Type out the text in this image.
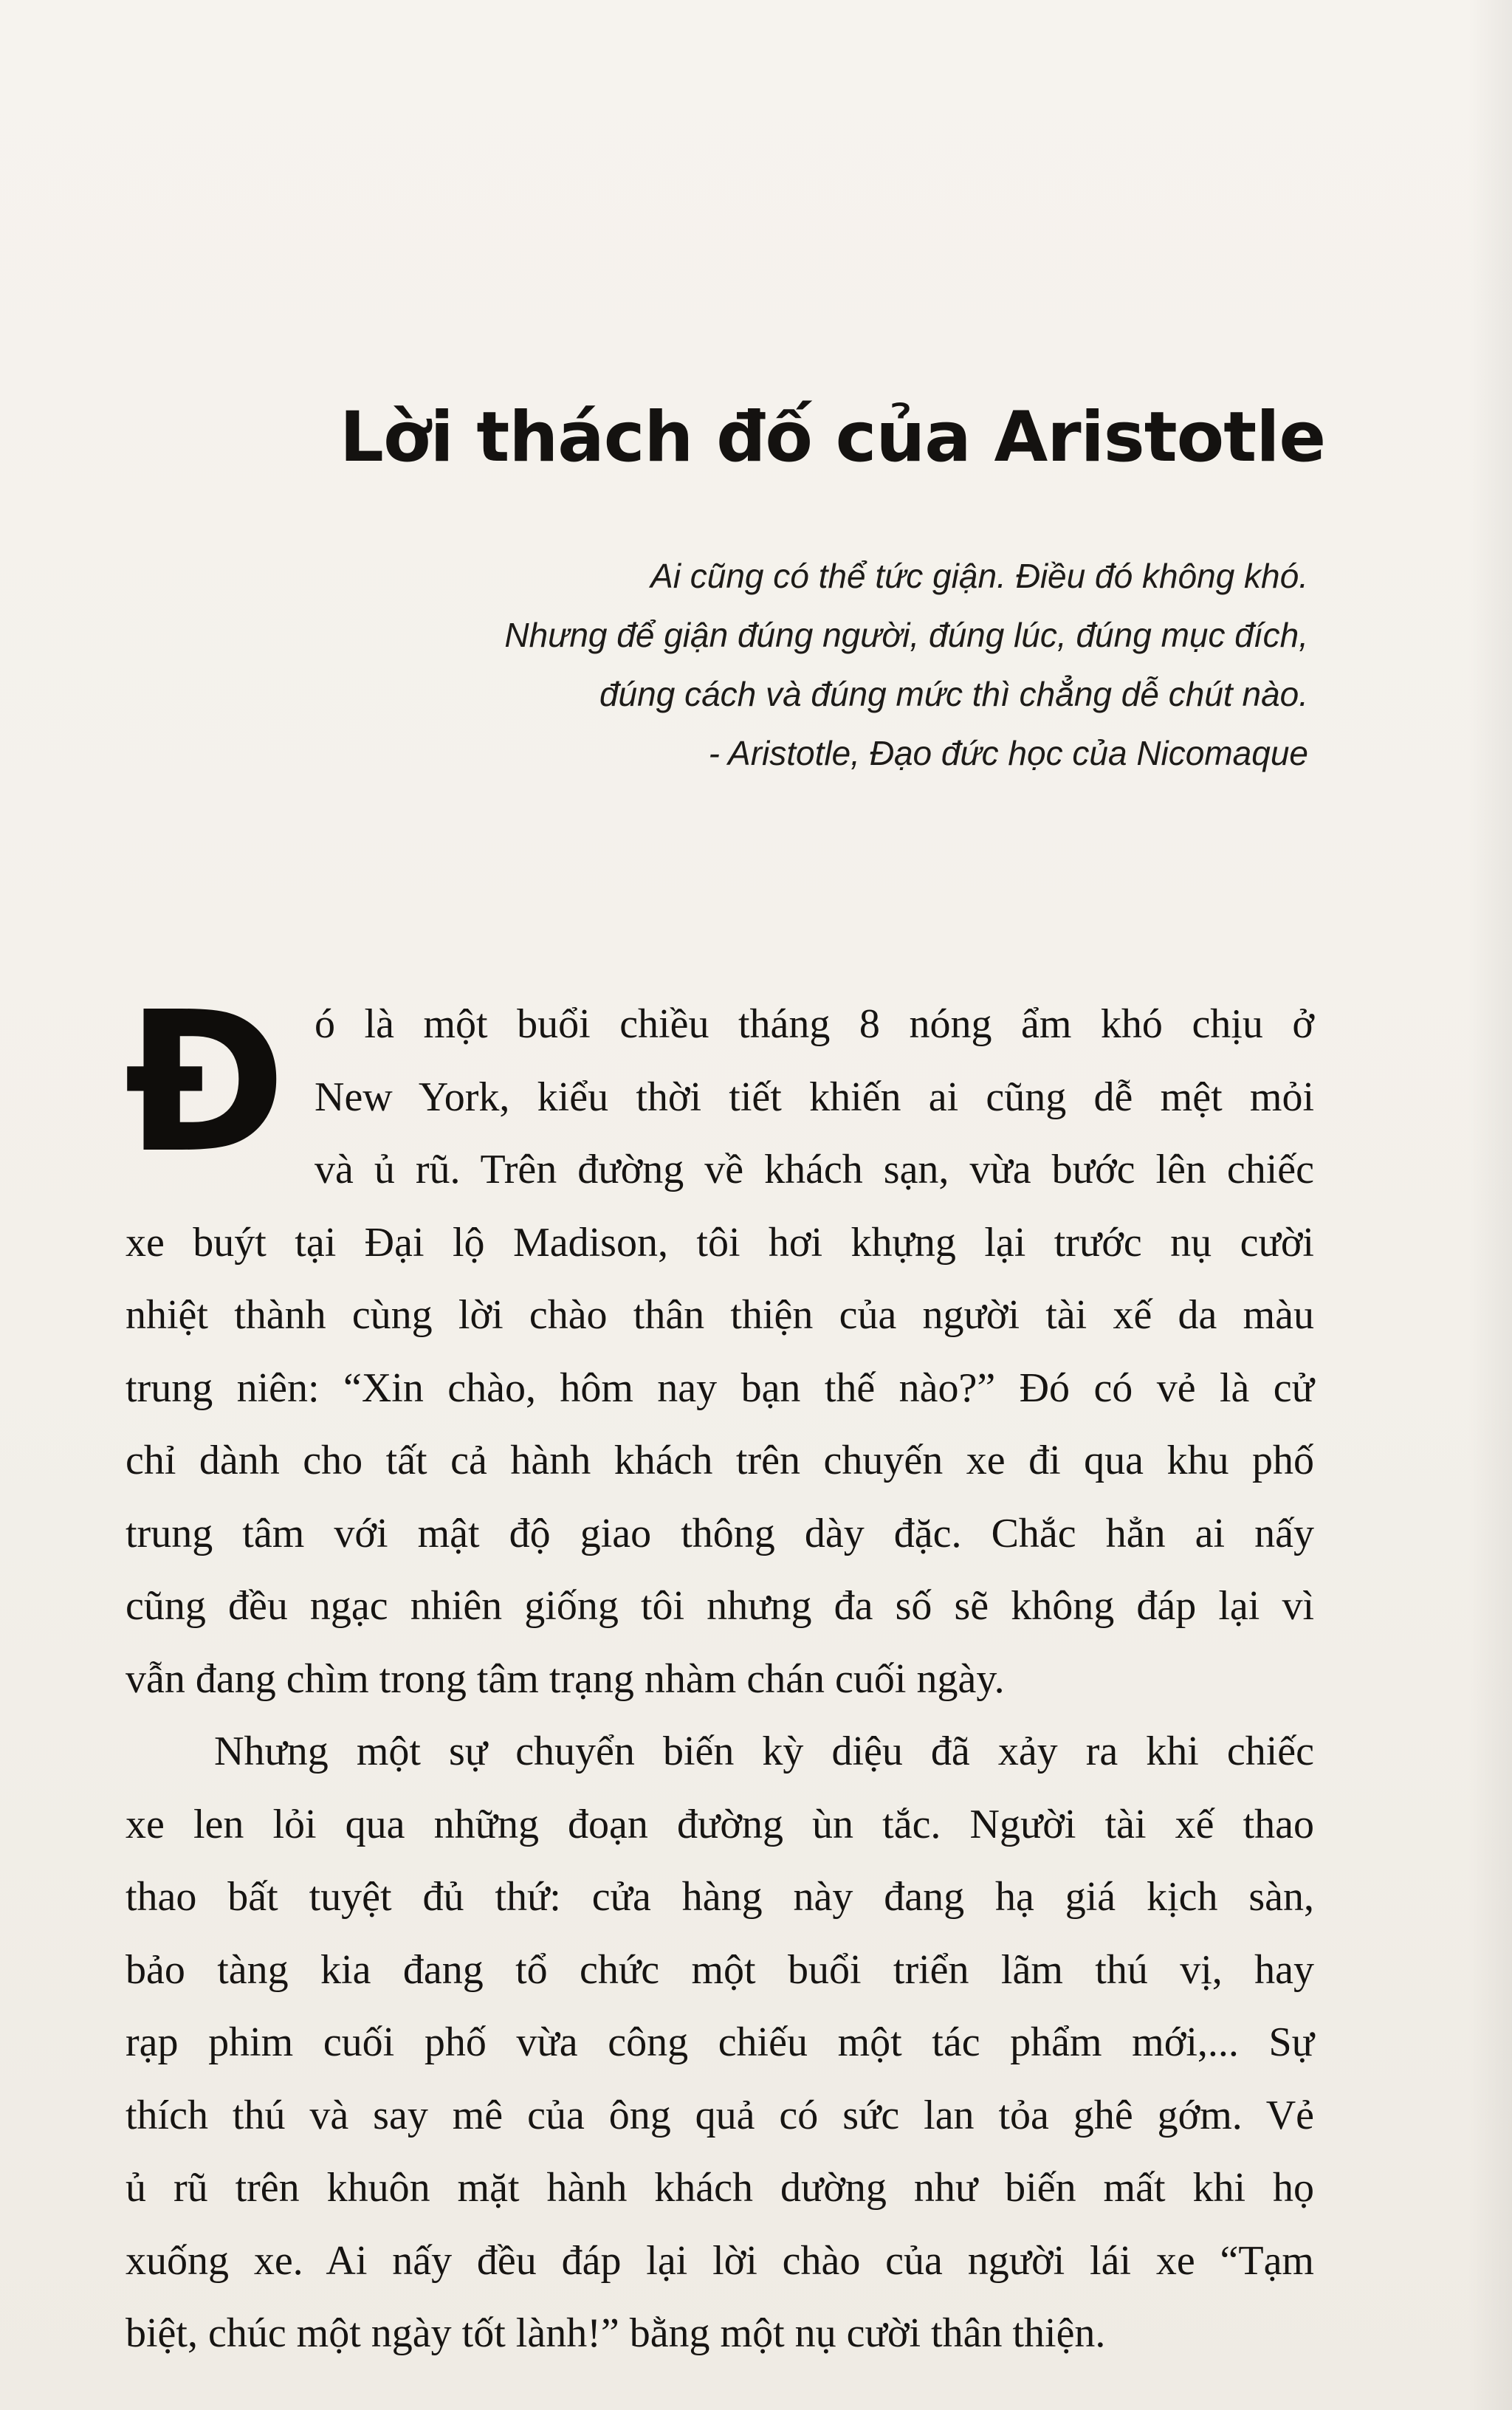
Lời thách đố của Aristotle
Ai cũng có thể tức giận. Điều đó không khó.
Nhưng để giận đúng người, đúng lúc, đúng mục đích,
đúng cách và đúng mức thì chẳng dễ chút nào.
- Aristotle, Đạo đức học của Nicomaque
Đ ó là một buổi chiều tháng 8 nóng ẩm khó chịu ở
New York, kiểu thời tiết khiến ai cũng dễ mệt mỏi
và ủ rũ. Trên đường về khách sạn, vừa bước lên chiếc
xe buýt tại Đại lộ Madison, tôi hơi khựng lại trước nụ cười
nhiệt thành cùng lời chào thân thiện của người tài xế da màu
trung niên: “Xin chào, hôm nay bạn thế nào?” Đó có vẻ là cử
chỉ dành cho tất cả hành khách trên chuyến xe đi qua khu phố
trung tâm với mật độ giao thông dày đặc. Chắc hẳn ai nấy
cũng đều ngạc nhiên giống tôi nhưng đa số sẽ không đáp lại vì
vẫn đang chìm trong tâm trạng nhàm chán cuối ngày.
Nhưng một sự chuyển biến kỳ diệu đã xảy ra khi chiếc
xe len lỏi qua những đoạn đường ùn tắc. Người tài xế thao
thao bất tuyệt đủ thứ: cửa hàng này đang hạ giá kịch sàn,
bảo tàng kia đang tổ chức một buổi triển lãm thú vị, hay
rạp phim cuối phố vừa công chiếu một tác phẩm mới,... Sự
thích thú và say mê của ông quả có sức lan tỏa ghê gớm. Vẻ
ủ rũ trên khuôn mặt hành khách dường như biến mất khi họ
xuống xe. Ai nấy đều đáp lại lời chào của người lái xe “Tạm
biệt, chúc một ngày tốt lành!” bằng một nụ cười thân thiện.
